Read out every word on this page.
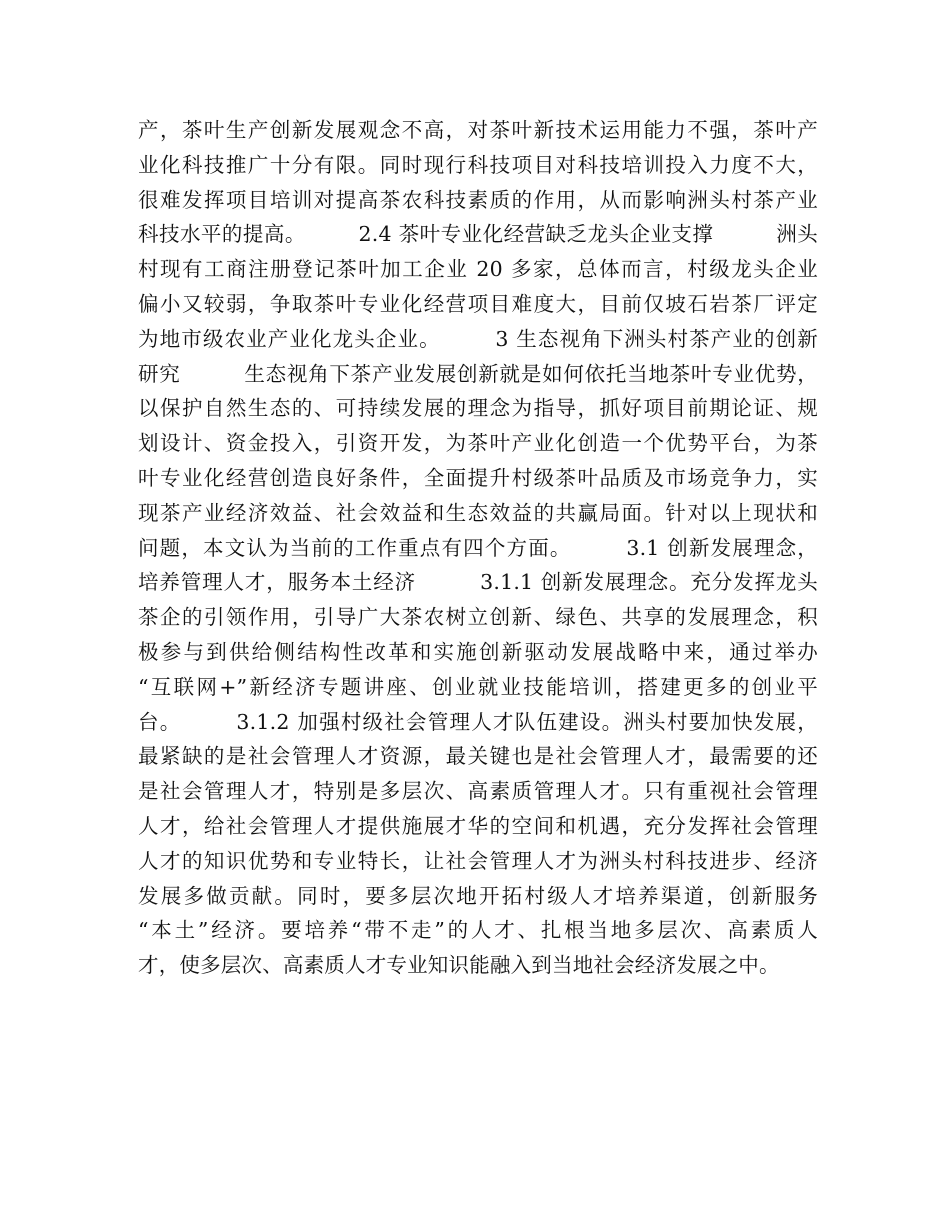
产，茶叶生产创新发展观念不高，对茶叶新技术运用能力不强，茶叶产
业化科技推广十分有限。同时现行科技项目对科技培训投入力度不大，
很难发挥项目培训对提高茶农科技素质的作用，从而影响洲头村茶产业
科技水平的提高。　　　2.4 茶叶专业化经营缺乏龙头企业支撑　　　洲头
村现有工商注册登记茶叶加工企业 20 多家，总体而言，村级龙头企业
偏小又较弱，争取茶叶专业化经营项目难度大，目前仅坡石岩茶厂评定
为地市级农业产业化龙头企业。　　　3 生态视角下洲头村茶产业的创新
研究　　　生态视角下茶产业发展创新就是如何依托当地茶叶专业优势，
以保护自然生态的、可持续发展的理念为指导，抓好项目前期论证、规
划设计、资金投入，引资开发，为茶叶产业化创造一个优势平台，为茶
叶专业化经营创造良好条件，全面提升村级茶叶品质及市场竞争力，实
现茶产业经济效益、社会效益和生态效益的共赢局面。针对以上现状和
问题，本文认为当前的工作重点有四个方面。　　　3.1 创新发展理念，
培养管理人才，服务本土经济　　　3.1.1 创新发展理念。充分发挥龙头
茶企的引领作用，引导广大茶农树立创新、绿色、共享的发展理念，积
极参与到供给侧结构性改革和实施创新驱动发展战略中来，通过举办
“互联网+”新经济专题讲座、创业就业技能培训，搭建更多的创业平
台。　　　3.1.2 加强村级社会管理人才队伍建设。洲头村要加快发展，
最紧缺的是社会管理人才资源，最关键也是社会管理人才，最需要的还
是社会管理人才，特别是多层次、高素质管理人才。只有重视社会管理
人才，给社会管理人才提供施展才华的空间和机遇，充分发挥社会管理
人才的知识优势和专业特长，让社会管理人才为洲头村科技进步、经济
发展多做贡献。同时，要多层次地开拓村级人才培养渠道，创新服务
“本土”经济。要培养“带不走”的人才、扎根当地多层次、高素质人
才，使多层次、高素质人才专业知识能融入到当地社会经济发展之中。
